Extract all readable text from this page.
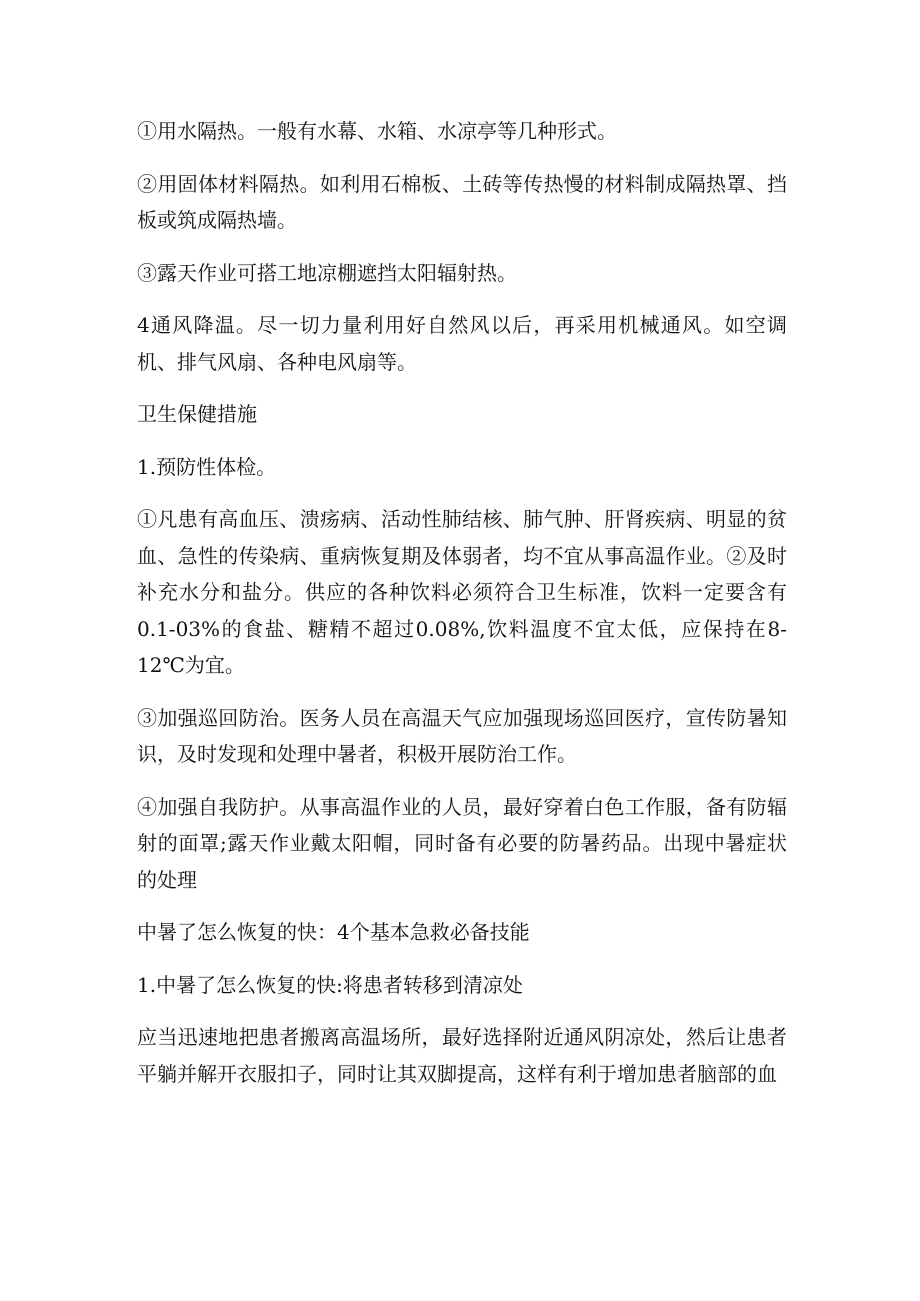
①用水隔热。一般有水幕、水箱、水凉亭等几种形式。

②用固体材料隔热。如利用石棉板、土砖等传热慢的材料制成隔热罩、挡
板或筑成隔热墙。

③露天作业可搭工地凉棚遮挡太阳辐射热。

4通风降温。尽一切力量利用好自然风以后，再采用机械通风。如空调
机、排气风扇、各种电风扇等。

卫生保健措施

1.预防性体检。

①凡患有高血压、溃疡病、活动性肺结核、肺气肿、肝肾疾病、明显的贫
血、急性的传染病、重病恢复期及体弱者，均不宜从事高温作业。②及时
补充水分和盐分。供应的各种饮料必须符合卫生标准，饮料一定要含有
0.1-03%的食盐、糖精不超过0.08%,饮料温度不宜太低，应保持在8-
12℃为宜。

③加强巡回防治。医务人员在高温天气应加强现场巡回医疗，宣传防暑知
识，及时发现和处理中暑者，积极开展防治工作。

④加强自我防护。从事高温作业的人员，最好穿着白色工作服，备有防辐
射的面罩;露天作业戴太阳帽，同时备有必要的防暑药品。出现中暑症状
的处理

中暑了怎么恢复的快：4个基本急救必备技能

1.中暑了怎么恢复的快:将患者转移到清凉处

应当迅速地把患者搬离高温场所，最好选择附近通风阴凉处，然后让患者
平躺并解开衣服扣子，同时让其双脚提高，这样有利于增加患者脑部的血
